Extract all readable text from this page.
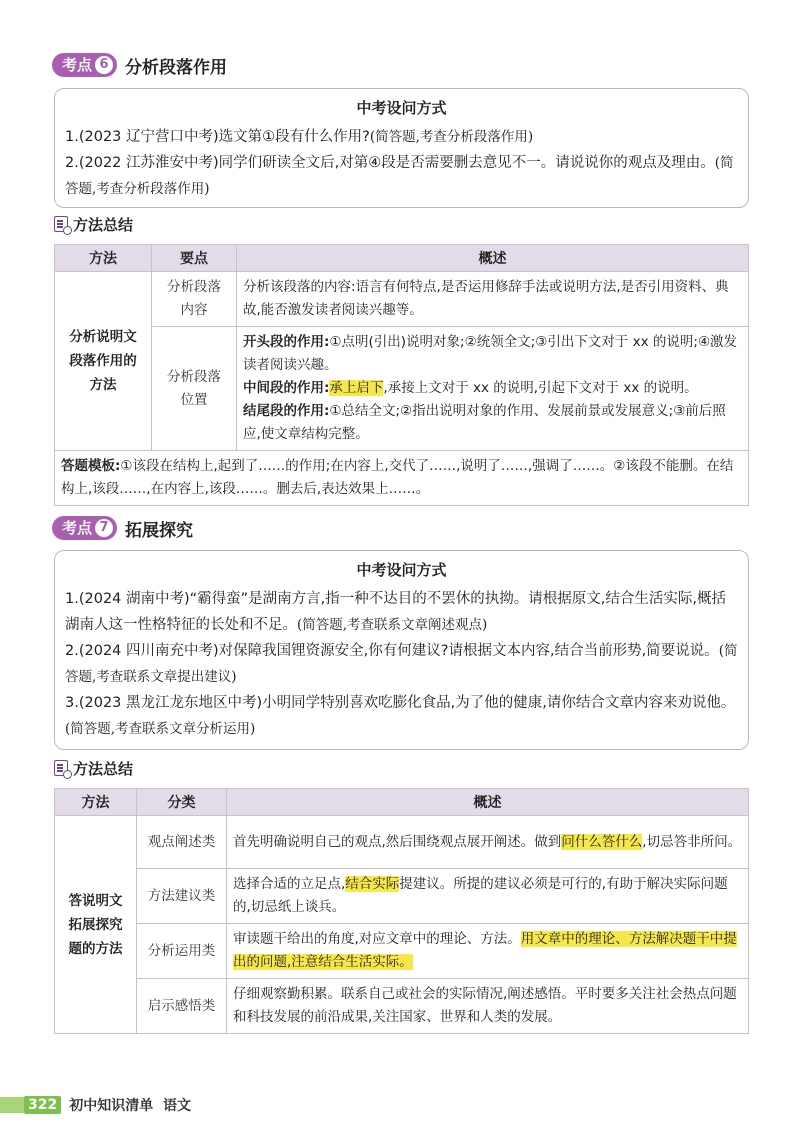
考点 6 分析段落作用
中考设问方式
1.(2023 辽宁营口中考)选文第①段有什么作用?(简答题,考查分析段落作用)
2.(2022 江苏淮安中考)同学们研读全文后,对第④段是否需要删去意见不一。请说说你的观点及理由。(简答题,考查分析段落作用)
方法总结
方法	要点	概述
分析说明文段落作用的方法	分析段落内容	分析该段落的内容:语言有何特点,是否运用修辞手法或说明方法,是否引用资料、典故,能否激发读者阅读兴趣等。
	分析段落位置	开头段的作用:①点明(引出)说明对象;②统领全文;③引出下文对于 xx 的说明;④激发读者阅读兴趣。
中间段的作用:承上启下,承接上文对于 xx 的说明,引起下文对于 xx 的说明。
结尾段的作用:①总结全文;②指出说明对象的作用、发展前景或发展意义;③前后照应,使文章结构完整。

答题模板:①该段在结构上,起到了……的作用;在内容上,交代了……,说明了……,强调了……。②该段不能删。在结构上,该段……,在内容上,该段……。删去后,表达效果上……。		
考点 7 拓展探究
中考设问方式
1.(2024 湖南中考)“霸得蛮”是湖南方言,指一种不达目的不罢休的执拗。请根据原文,结合生活实际,概括湖南人这一性格特征的长处和不足。(简答题,考查联系文章阐述观点)
2.(2024 四川南充中考)对保障我国锂资源安全,你有何建议?请根据文本内容,结合当前形势,简要说说。(简答题,考查联系文章提出建议)
3.(2023 黑龙江龙东地区中考)小明同学特别喜欢吃膨化食品,为了他的健康,请你结合文章内容来劝说他。(简答题,考查联系文章分析运用)
方法总结
方法	分类	概述
答说明文拓展探究题的方法	观点阐述类	首先明确说明自己的观点,然后围绕观点展开阐述。做到问什么答什么,切忌答非所问。
	方法建议类	选择合适的立足点,结合实际提建议。所提的建议必须是可行的,有助于解决实际问题的,切忌纸上谈兵。
	分析运用类	审读题干给出的角度,对应文章中的理论、方法。用文章中的理论、方法解决题干中提出的问题,注意结合生活实际。
	启示感悟类	仔细观察勤积累。联系自己或社会的实际情况,阐述感悟。平时要多关注社会热点问题和科技发展的前沿成果,关注国家、世界和人类的发展。
322 初中知识清单 语文
